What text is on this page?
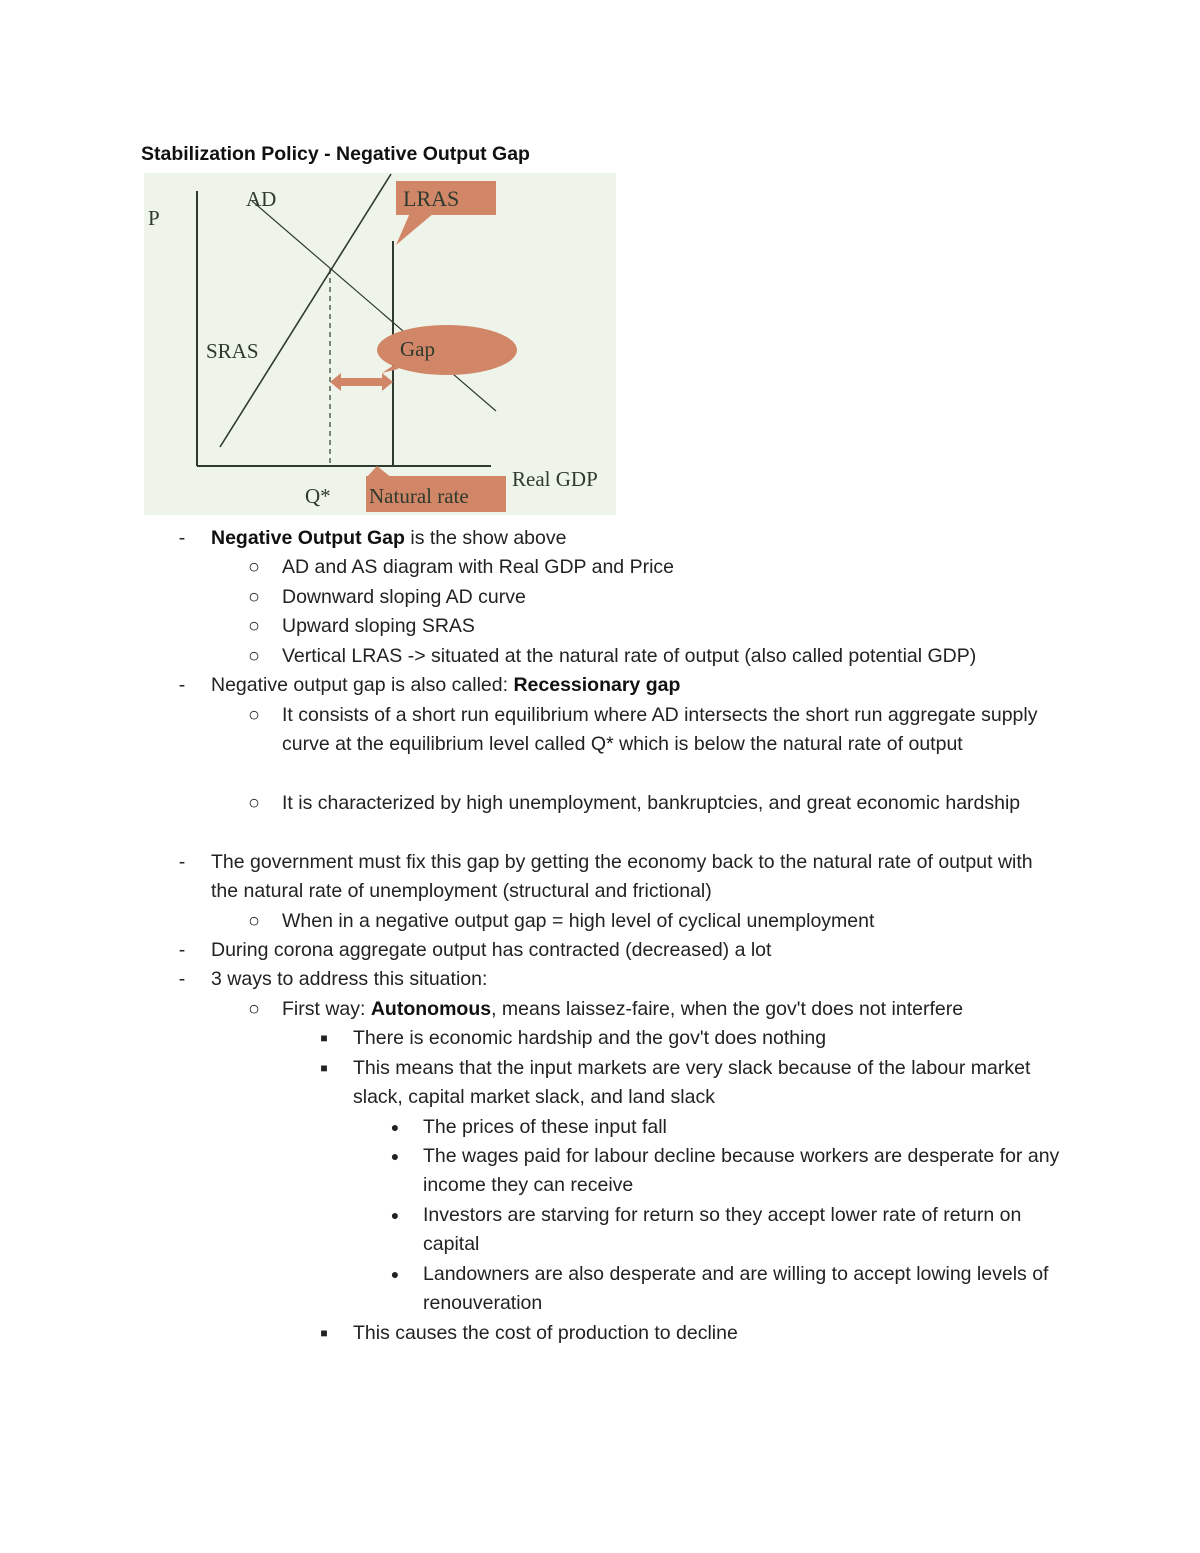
Stabilization Policy - Negative Output Gap
LRAS
Gap
Natural rate
P
AD
SRAS
Q*
Real GDP
-	Negative Output Gap is the show above
○	AD and AS diagram with Real GDP and Price
○	Downward sloping AD curve
○	Upward sloping SRAS
○	Vertical LRAS -> situated at the natural rate of output (also called potential GDP)
-	Negative output gap is also called: Recessionary gap
○	It consists of a short run equilibrium where AD intersects the short run aggregate supply curve at the equilibrium level called Q* which is below the natural rate of output
○	It is characterized by high unemployment, bankruptcies, and great economic hardship
-	The government must fix this gap by getting the economy back to the natural rate of output with the natural rate of unemployment (structural and frictional)
○	When in a negative output gap = high level of cyclical unemployment
-	During corona aggregate output has contracted (decreased) a lot
-	3 ways to address this situation:
○	First way: Autonomous, means laissez-faire, when the gov't does not interfere
■	There is economic hardship and the gov't does nothing
■	This means that the input markets are very slack because of the labour market slack, capital market slack, and land slack
●	The prices of these input fall
●	The wages paid for labour decline because workers are desperate for any income they can receive
●	Investors are starving for return so they accept lower rate of return on capital
●	Landowners are also desperate and are willing to accept lowing levels of renouveration
■	This causes the cost of production to decline
